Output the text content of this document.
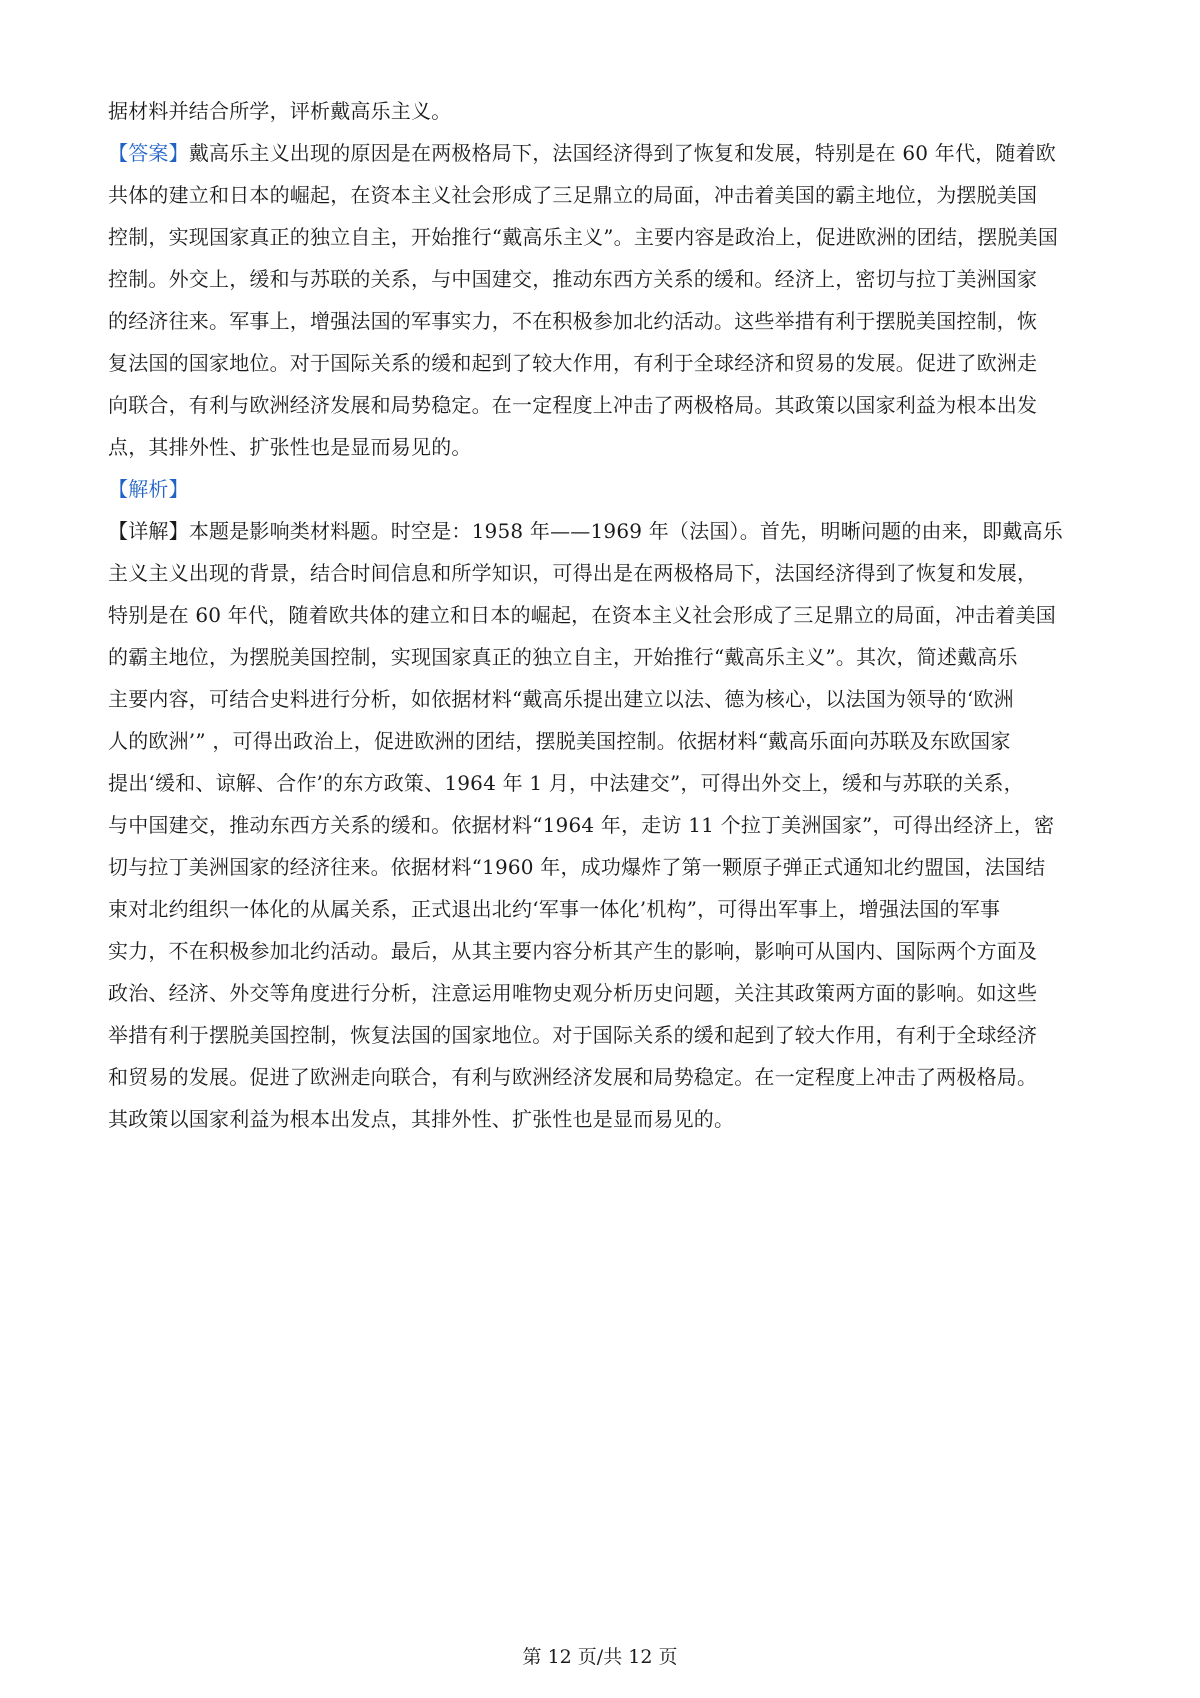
据材料并结合所学，评析戴高乐主义。
【答案】戴高乐主义出现的原因是在两极格局下，法国经济得到了恢复和发展，特别是在 60 年代，随着欧
共体的建立和日本的崛起，在资本主义社会形成了三足鼎立的局面，冲击着美国的霸主地位，为摆脱美国
控制，实现国家真正的独立自主，开始推行“戴高乐主义”。主要内容是政治上，促进欧洲的团结，摆脱美国
控制。外交上，缓和与苏联的关系，与中国建交，推动东西方关系的缓和。经济上，密切与拉丁美洲国家
的经济往来。军事上，增强法国的军事实力，不在积极参加北约活动。这些举措有利于摆脱美国控制，恢
复法国的国家地位。对于国际关系的缓和起到了较大作用，有利于全球经济和贸易的发展。促进了欧洲走
向联合，有利与欧洲经济发展和局势稳定。在一定程度上冲击了两极格局。其政策以国家利益为根本出发
点，其排外性、扩张性也是显而易见的。
【解析】
【详解】本题是影响类材料题。时空是：1958 年——1969 年（法国）。首先，明晰问题的由来，即戴高乐
主义主义出现的背景，结合时间信息和所学知识，可得出是在两极格局下，法国经济得到了恢复和发展，
特别是在 60 年代，随着欧共体的建立和日本的崛起，在资本主义社会形成了三足鼎立的局面，冲击着美国
的霸主地位，为摆脱美国控制，实现国家真正的独立自主，开始推行“戴高乐主义”。其次，简述戴高乐
主要内容，可结合史料进行分析，如依据材料“戴高乐提出建立以法、德为核心，以法国为领导的‘欧洲
人的欧洲’” ，可得出政治上，促进欧洲的团结，摆脱美国控制。依据材料“戴高乐面向苏联及东欧国家
提出‘缓和、谅解、合作’的东方政策、1964 年 1 月，中法建交”，可得出外交上，缓和与苏联的关系，
与中国建交，推动东西方关系的缓和。依据材料“1964 年，走访 11 个拉丁美洲国家”，可得出经济上，密
切与拉丁美洲国家的经济往来。依据材料“1960 年，成功爆炸了第一颗原子弹正式通知北约盟国，法国结
束对北约组织一体化的从属关系，正式退出北约‘军事一体化’机构”，可得出军事上，增强法国的军事
实力，不在积极参加北约活动。最后，从其主要内容分析其产生的影响，影响可从国内、国际两个方面及
政治、经济、外交等角度进行分析，注意运用唯物史观分析历史问题，关注其政策两方面的影响。如这些
举措有利于摆脱美国控制，恢复法国的国家地位。对于国际关系的缓和起到了较大作用，有利于全球经济
和贸易的发展。促进了欧洲走向联合，有利与欧洲经济发展和局势稳定。在一定程度上冲击了两极格局。
其政策以国家利益为根本出发点，其排外性、扩张性也是显而易见的。
第 12 页/共 12 页
